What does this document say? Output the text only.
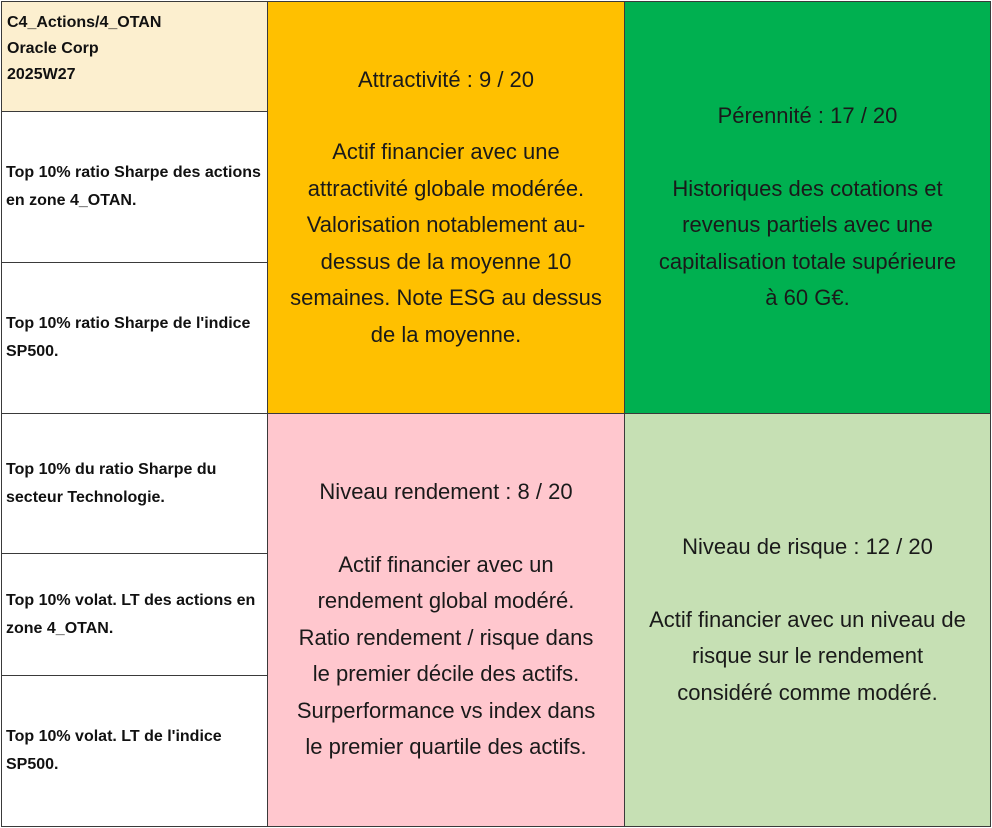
C4_Actions/4_OTAN
Oracle Corp
2025W27
Top 10% ratio Sharpe des actions en zone 4_OTAN.
Top 10% ratio Sharpe de l'indice SP500.
Top 10% du ratio Sharpe du secteur Technologie.
Top 10% volat. LT des actions en zone 4_OTAN.
Top 10% volat. LT de l'indice SP500.
Attractivité : 9 / 20
Actif financier avec une
attractivité globale modérée.
Valorisation notablement au-
dessus de la moyenne 10
semaines. Note ESG au dessus
de la moyenne.
Pérennité : 17 / 20
Historiques des cotations et
revenus partiels avec une
capitalisation totale supérieure
à 60 G€.
Niveau rendement : 8 / 20
Actif financier avec un
rendement global modéré.
Ratio rendement / risque dans
le premier décile des actifs.
Surperformance vs index dans
le premier quartile des actifs.
Niveau de risque : 12 / 20
Actif financier avec un niveau de
risque sur le rendement
considéré comme modéré.
